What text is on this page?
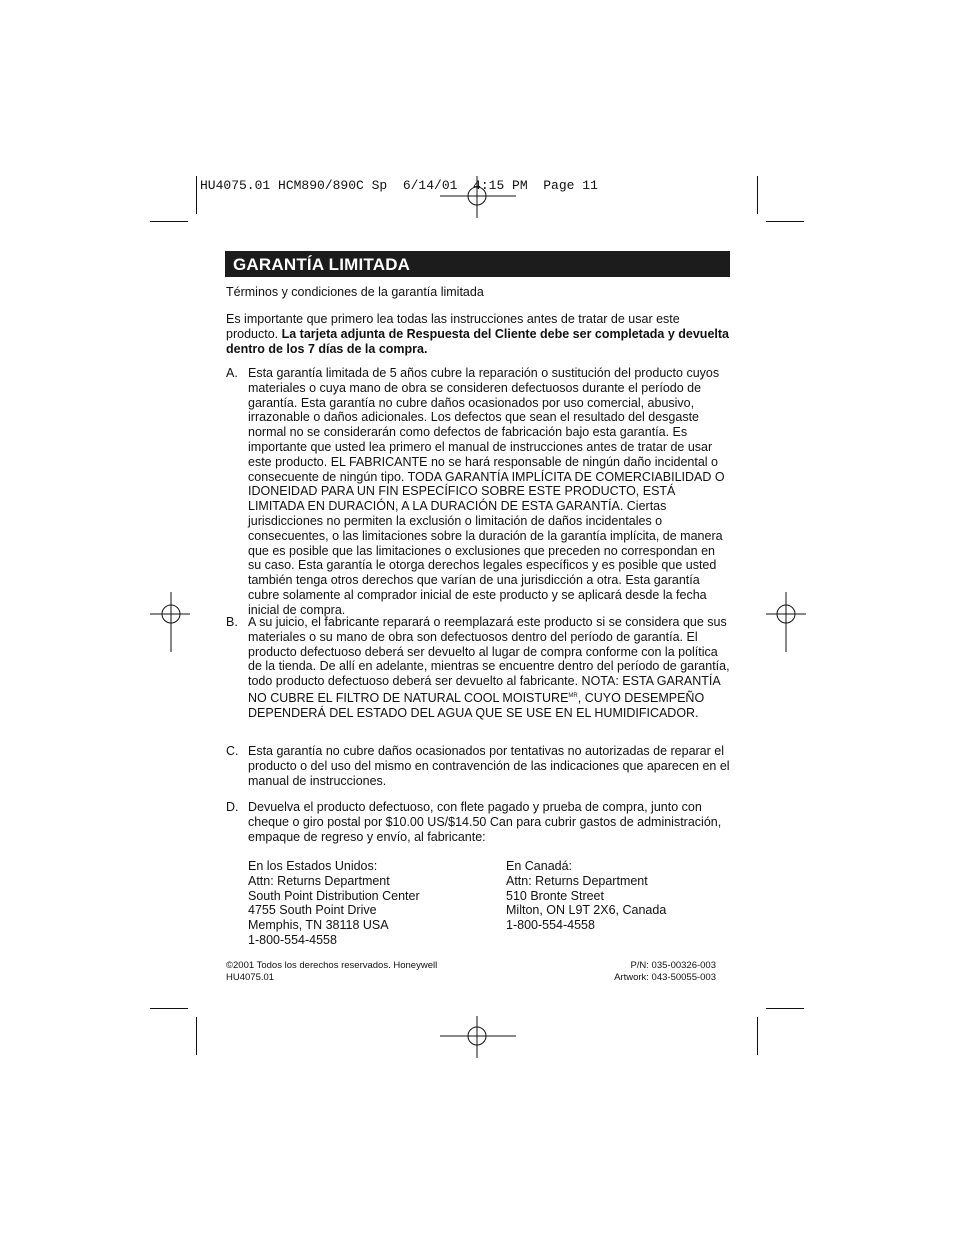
HU4075.01 HCM890/890C Sp  6/14/01  4:15 PM  Page 11
GARANTÍA LIMITADA
Términos y condiciones de la garantía limitada
Es importante que primero lea todas las instrucciones antes de tratar de usar este producto. La tarjeta adjunta de Respuesta del Cliente debe ser completada y devuelta dentro de los 7 días de la compra.
A. Esta garantía limitada de 5 años cubre la reparación o sustitución del producto cuyos materiales o cuya mano de obra se consideren defectuosos durante el período de garantía. Esta garantía no cubre daños ocasionados por uso comercial, abusivo, irrazonable o daños adicionales. Los defectos que sean el resultado del desgaste normal no se considerarán como defectos de fabricación bajo esta garantía. Es importante que usted lea primero el manual de instrucciones antes de tratar de usar este producto. EL FABRICANTE no se hará responsable de ningún daño incidental o consecuente de ningún tipo. TODA GARANTÍA IMPLÍCITA DE COMERCIABILIDAD O IDONEIDAD PARA UN FIN ESPECÍFICO SOBRE ESTE PRODUCTO, ESTÁ LIMITADA EN DURACIÓN, A LA DURACIÓN DE ESTA GARANTÍA. Ciertas jurisdicciones no permiten la exclusión o limitación de daños incidentales o consecuentes, o las limitaciones sobre la duración de la garantía implícita, de manera que es posible que las limitaciones o exclusiones que preceden no correspondan en su caso. Esta garantía le otorga derechos legales específicos y es posible que usted también tenga otros derechos que varían de una jurisdicción a otra. Esta garantía cubre solamente al comprador inicial de este producto y se aplicará desde la fecha inicial de compra.
B. A su juicio, el fabricante reparará o reemplazará este producto si se considera que sus materiales o su mano de obra son defectuosos dentro del período de garantía. El producto defectuoso deberá ser devuelto al lugar de compra conforme con la política de la tienda. De allí en adelante, mientras se encuentre dentro del período de garantía, todo producto defectuoso deberá ser devuelto al fabricante. NOTA: ESTA GARANTÍA NO CUBRE EL FILTRO DE NATURAL COOL $MOISTURE^{MR}$, CUYO DESEMPEÑO DEPENDERÁ DEL ESTADO DEL AGUA QUE SE USE EN EL HUMIDIFICADOR.
C. Esta garantía no cubre daños ocasionados por tentativas no autorizadas de reparar el producto o del uso del mismo en contravención de las indicaciones que aparecen en el manual de instrucciones.
D. Devuelva el producto defectuoso, con flete pagado y prueba de compra, junto con cheque o giro postal por $10.00 US/$14.50 Can para cubrir gastos de administración, empaque de regreso y envío, al fabricante:
En los Estados Unidos:
Attn: Returns Department
South Point Distribution Center
4755 South Point Drive
Memphis, TN 38118 USA
1-800-554-4558
En Canadá:
Attn: Returns Department
510 Bronte Street
Milton, ON L9T 2X6, Canada
1-800-554-4558
©2001 Todos los derechos reservados. Honeywell
HU4075.01
P/N: 035-00326-003
Artwork: 043-50055-003
